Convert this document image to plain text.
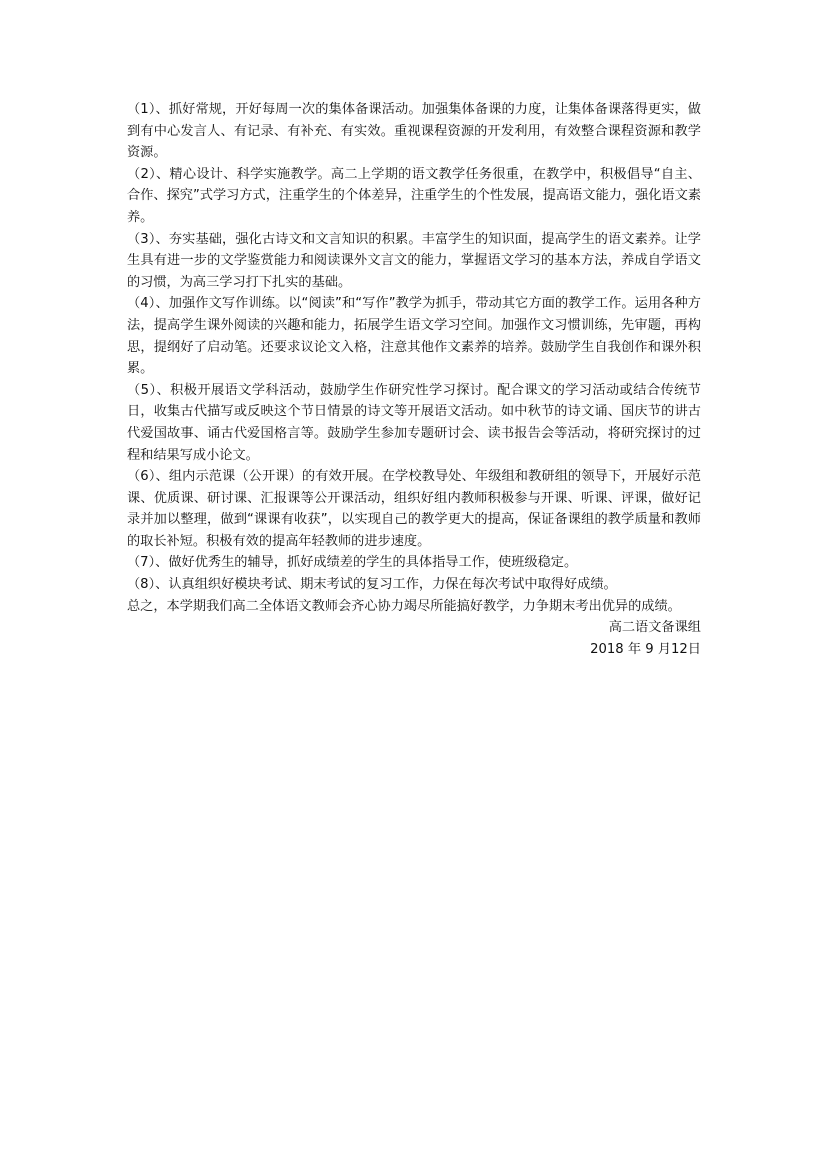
（1）、抓好常规，开好每周一次的集体备课活动。加强集体备课的力度，让集体备课落得更实，做到有中心发言人、有记录、有补充、有实效。重视课程资源的开发利用，有效整合课程资源和教学资源。

（2）、精心设计、科学实施教学。高二上学期的语文教学任务很重，在教学中，积极倡导“自主、合作、探究”式学习方式，注重学生的个体差异，注重学生的个性发展，提高语文能力，强化语文素养。

（3）、夯实基础，强化古诗文和文言知识的积累。丰富学生的知识面，提高学生的语文素养。让学生具有进一步的文学鉴赏能力和阅读课外文言文的能力，掌握语文学习的基本方法，养成自学语文的习惯，为高三学习打下扎实的基础。

（4）、加强作文写作训练。以“阅读”和“写作”教学为抓手，带动其它方面的教学工作。运用各种方法，提高学生课外阅读的兴趣和能力，拓展学生语文学习空间。加强作文习惯训练，先审题，再构思，提纲好了启动笔。还要求议论文入格，注意其他作文素养的培养。鼓励学生自我创作和课外积累。

（5）、积极开展语文学科活动，鼓励学生作研究性学习探讨。配合课文的学习活动或结合传统节日，收集古代描写或反映这个节日情景的诗文等开展语文活动。如中秋节的诗文诵、国庆节的讲古代爱国故事、诵古代爱国格言等。鼓励学生参加专题研讨会、读书报告会等活动，将研究探讨的过程和结果写成小论文。

（6）、组内示范课（公开课）的有效开展。在学校教导处、年级组和教研组的领导下，开展好示范课、优质课、研讨课、汇报课等公开课活动，组织好组内教师积极参与开课、听课、评课，做好记录并加以整理，做到“课课有收获”，以实现自己的教学更大的提高，保证备课组的教学质量和教师的取长补短。积极有效的提高年轻教师的进步速度。

（7）、做好优秀生的辅导，抓好成绩差的学生的具体指导工作，使班级稳定。

（8）、认真组织好模块考试、期末考试的复习工作，力保在每次考试中取得好成绩。

总之，本学期我们高二全体语文教师会齐心协力竭尽所能搞好教学，力争期末考出优异的成绩。

高二语文备课组
2018 年 9 月12日
